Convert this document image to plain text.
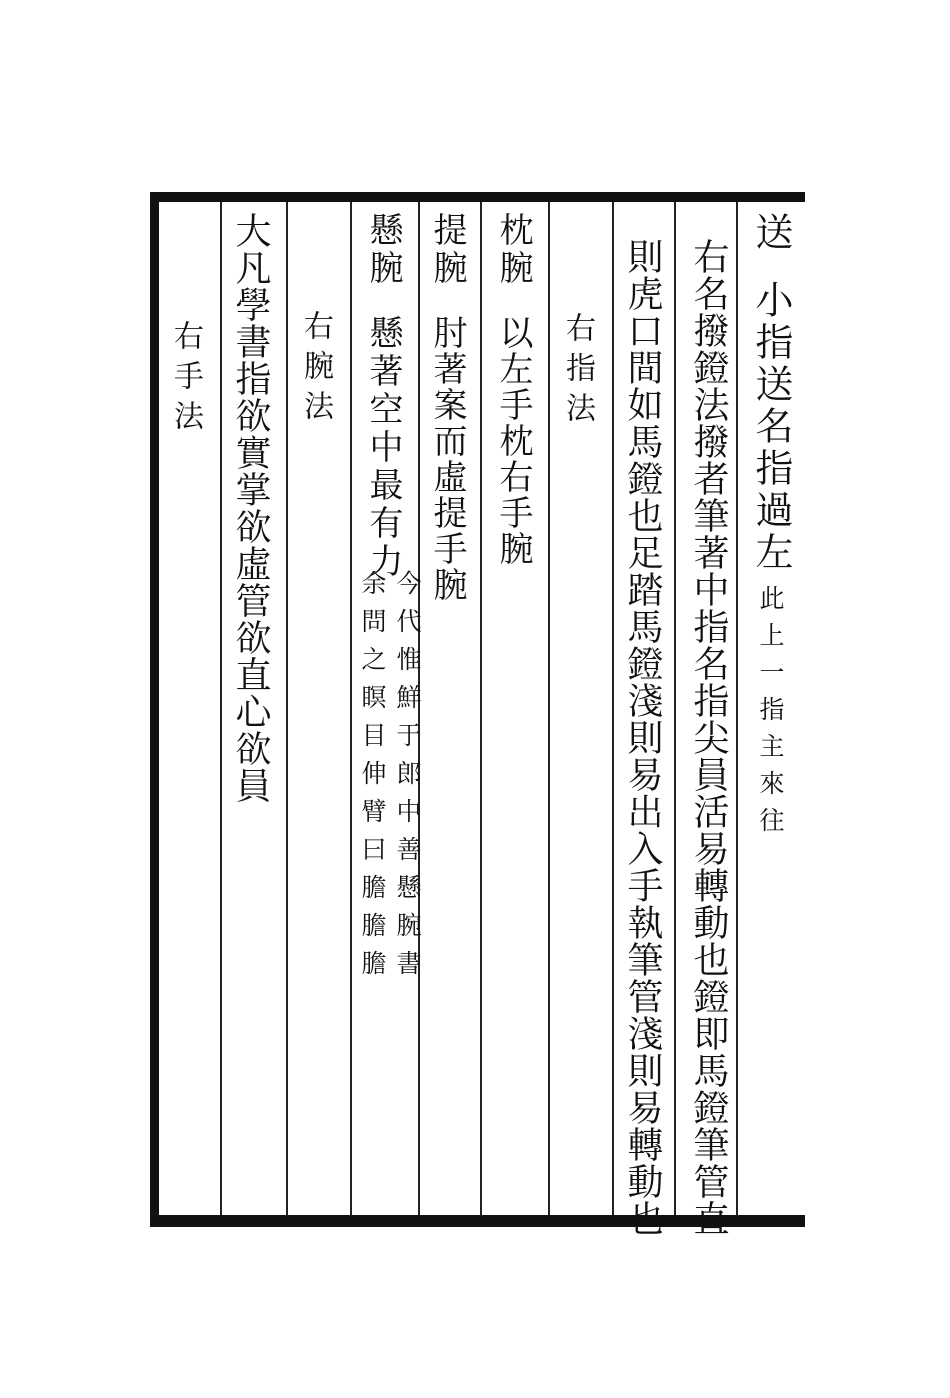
送
小指送名指過左
此上一指主來往
右名撥鐙法撥者筆著中指名指尖員活易轉動也鐙即馬鐙筆管直
則虎口間如馬鐙也足踏馬鐙淺則易出入手執筆管淺則易轉動也
右指法
枕腕
以左手枕右手腕
提腕
肘著案而虛提手腕
懸腕
懸著空中最有力
今代惟鮮于郎中善懸腕書
余問之瞑目伸臂曰膽膽膽
右腕法
大凡學書指欲實掌欲虛管欲直心欲員
右手法
